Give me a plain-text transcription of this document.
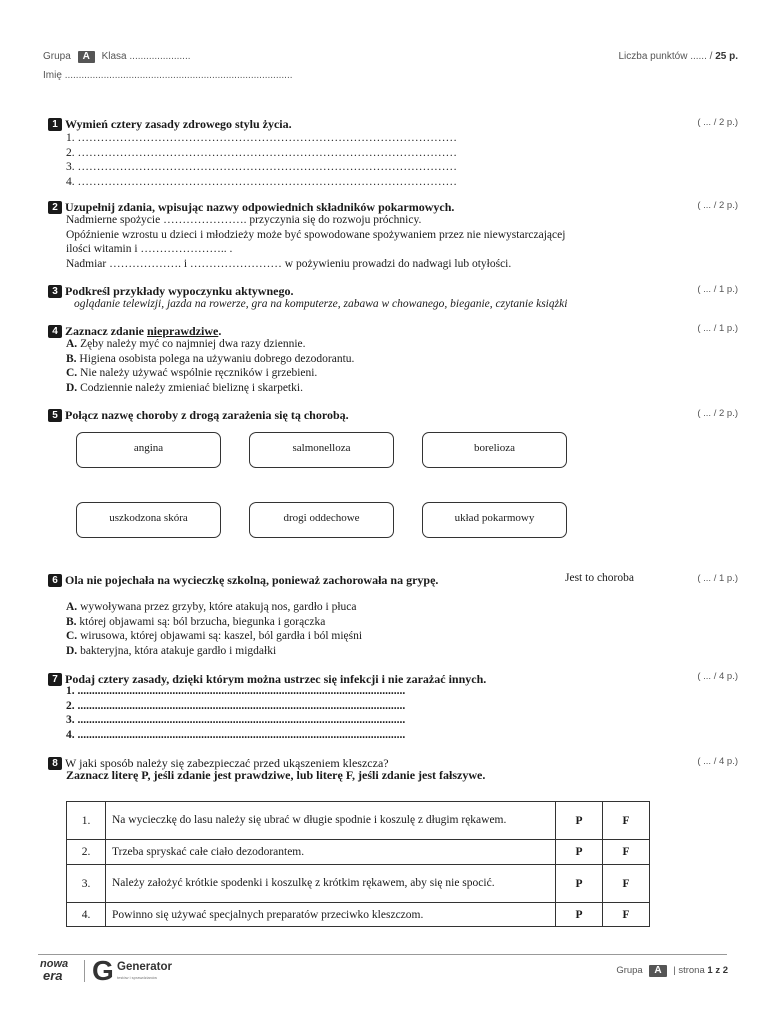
Grupa A Klasa ......................
Imię ..................................................................................
Liczba punktów ...... / 25 p.
1 Wymień cztery zasady zdrowego stylu życia.	( ... / 2 p.)
1. ………………………………………………………………………………………
2. ………………………………………………………………………………………
3. ………………………………………………………………………………………
4. ………………………………………………………………………………………
2 Uzupełnij zdania, wpisując nazwy odpowiednich składników pokarmowych.	( ... / 2 p.)
Nadmierne spożycie …………………. przyczynia się do rozwoju próchnicy.
Opóźnienie wzrostu u dzieci i młodzieży może być spowodowane spożywaniem przez nie niewystarczającej
ilości witamin i ………………….. .
Nadmiar ………………. i …………………… w pożywieniu prowadzi do nadwagi lub otyłości.
3 Podkreśl przykłady wypoczynku aktywnego.	( ... / 1 p.)
oglądanie telewizji, jazda na rowerze, gra na komputerze, zabawa w chowanego, bieganie, czytanie książki
4 Zaznacz zdanie nieprawdziwe.	( ... / 1 p.)
A. Zęby należy myć co najmniej dwa razy dziennie.
B. Higiena osobista polega na używaniu dobrego dezodorantu.
C. Nie należy używać wspólnie ręczników i grzebieni.
D. Codziennie należy zmieniać bieliznę i skarpetki.
5 Połącz nazwę choroby z drogą zarażenia się tą chorobą.	( ... / 2 p.)
angina	salmonelloza	borelioza
uszkodzona skóra	drogi oddechowe	układ pokarmowy
6 Ola nie pojechała na wycieczkę szkolną, ponieważ zachorowała na grypę.	Jest to choroba	( ... / 1 p.)
A. wywoływana przez grzyby, które atakują nos, gardło i płuca
B. której objawami są: ból brzucha, biegunka i gorączka
C. wirusowa, której objawami są: kaszel, ból gardła i ból mięśni
D. bakteryjna, która atakuje gardło i migdałki
7 Podaj cztery zasady, dzięki którym można ustrzec się infekcji i nie zarażać innych.	( ... / 4 p.)
1. ..................................................................................................................
2. ..................................................................................................................
3. ..................................................................................................................
4. ..................................................................................................................
8 W jaki sposób należy się zabezpieczać przed ukąszeniem kleszcza?
Zaznacz literę P, jeśli zdanie jest prawdziwe, lub literę F, jeśli zdanie jest fałszywe.
( ... / 4 p.)
1.	Na wycieczkę do lasu należy się ubrać w długie spodnie i koszulę z długim rękawem.	P	F
2.	Trzeba spryskać całe ciało dezodorantem.	P	F
3.	Należy założyć krótkie spodenki i koszulkę z krótkim rękawem, aby się nie spocić.	P	F
4.	Powinno się używać specjalnych preparatów przeciwko kleszczom.	P	F
nowa
era	G Generator
testów i sprawdzianów
Grupa A | strona 1 z 2
